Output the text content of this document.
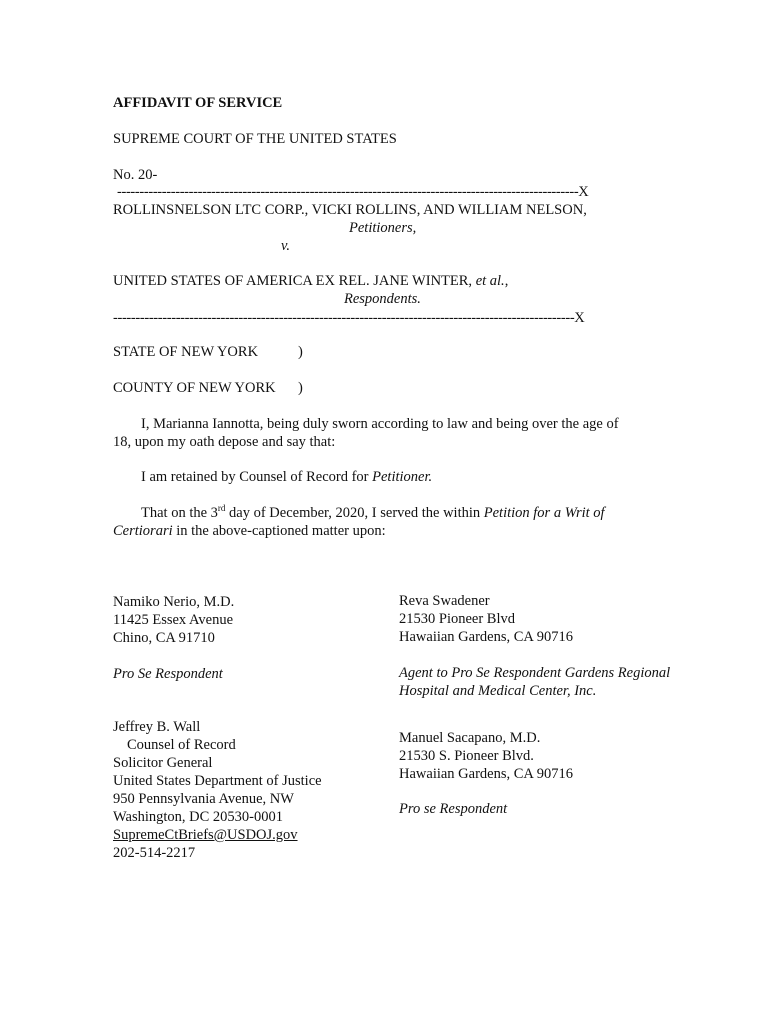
AFFIDAVIT OF SERVICE
SUPREME COURT OF THE UNITED STATES
No. 20-
-------------------------------------------------------------------------------------------------------X
ROLLINSNELSON LTC CORP., VICKI ROLLINS, AND WILLIAM NELSON,
Petitioners,
v.
UNITED STATES OF AMERICA EX REL. JANE WINTER, et al.,
Respondents.
-------------------------------------------------------------------------------------------------------X
STATE OF NEW YORK	)
COUNTY OF NEW YORK )
I, Marianna Iannotta, being duly sworn according to law and being over the age of
18, upon my oath depose and say that:
I am retained by Counsel of Record for Petitioner.
That on the 3rd day of December, 2020, I served the within Petition for a Writ of
Certiorari in the above-captioned matter upon:
Namiko Nerio, M.D.
11425 Essex Avenue
Chino, CA 91710
Pro Se Respondent
Reva Swadener
21530 Pioneer Blvd
Hawaiian Gardens, CA 90716
Agent to Pro Se Respondent Gardens Regional
Hospital and Medical Center, Inc.
Jeffrey B. Wall
Counsel of Record
Solicitor General
United States Department of Justice
950 Pennsylvania Avenue, NW
Washington, DC 20530-0001
SupremeCtBriefs@USDOJ.gov
202-514-2217
Manuel Sacapano, M.D.
21530 S. Pioneer Blvd.
Hawaiian Gardens, CA 90716
Pro se Respondent
